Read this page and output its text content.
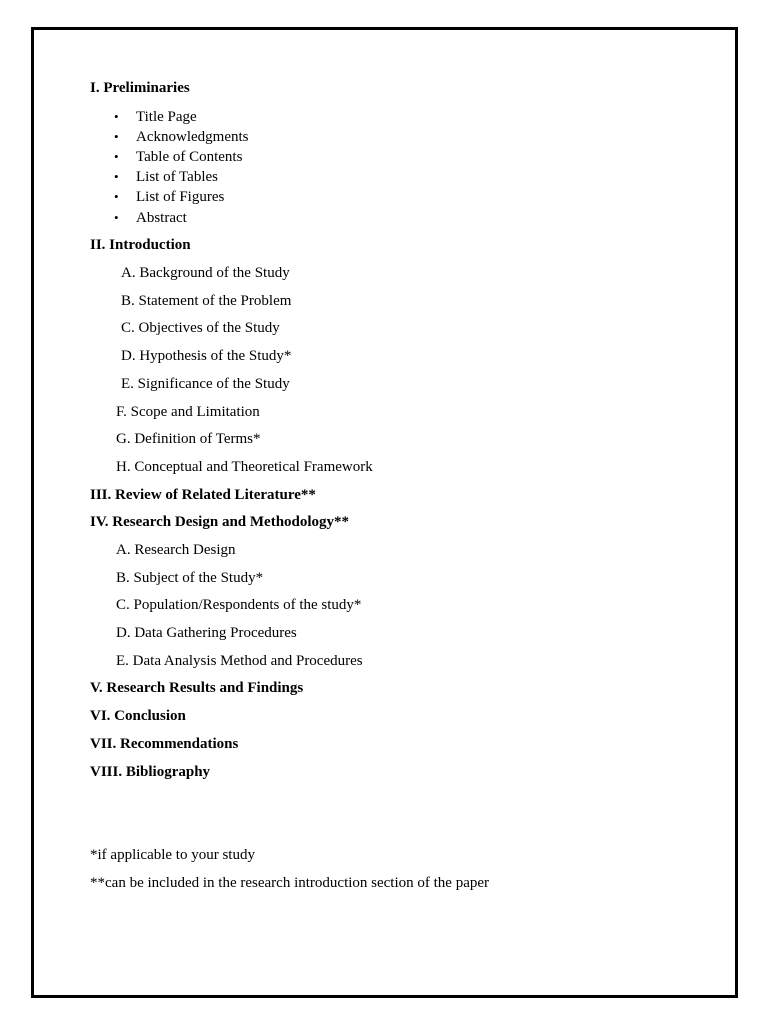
I. Preliminaries
• Title Page
• Acknowledgments
• Table of Contents
• List of Tables
• List of Figures
• Abstract
II. Introduction
A. Background of the Study
B. Statement of the Problem
C. Objectives of the Study
D. Hypothesis of the Study*
E. Significance of the Study
F. Scope and Limitation
G. Definition of Terms*
H. Conceptual and Theoretical Framework
III. Review of Related Literature**
IV. Research Design and Methodology**
A. Research Design
B. Subject of the Study*
C. Population/Respondents of the study*
D. Data Gathering Procedures
E. Data Analysis Method and Procedures
V. Research Results and Findings
VI. Conclusion
VII. Recommendations
VIII. Bibliography
*if applicable to your study
**can be included in the research introduction section of the paper
